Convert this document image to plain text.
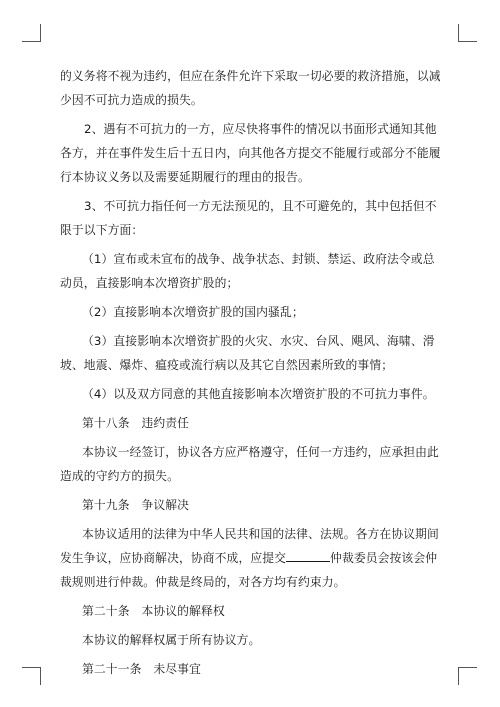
的义务将不视为违约，但应在条件允许下采取一切必要的救济措施，以减少因不可抗力造成的损失。

2、遇有不可抗力的一方，应尽快将事件的情况以书面形式通知其他各方，并在事件发生后十五日内，向其他各方提交不能履行或部分不能履行本协议义务以及需要延期履行的理由的报告。

3、不可抗力指任何一方无法预见的，且不可避免的，其中包括但不限于以下方面：

（1）宣布或未宣布的战争、战争状态、封锁、禁运、政府法令或总动员，直接影响本次增资扩股的；

（2）直接影响本次增资扩股的国内骚乱；

（3）直接影响本次增资扩股的火灾、水灾、台风、飓风、海啸、滑坡、地震、爆炸、瘟疫或流行病以及其它自然因素所致的事情；

（4）以及双方同意的其他直接影响本次增资扩股的不可抗力事件。

第十八条　违约责任

本协议一经签订，协议各方应严格遵守，任何一方违约，应承担由此造成的守约方的损失。

第十九条　争议解决

本协议适用的法律为中华人民共和国的法律、法规。各方在协议期间发生争议，应协商解决，协商不成，应提交	仲裁委员会按该会仲裁规则进行仲裁。仲裁是终局的，对各方均有约束力。

第二十条　本协议的解释权

本协议的解释权属于所有协议方。

第二十一条　未尽事宜
